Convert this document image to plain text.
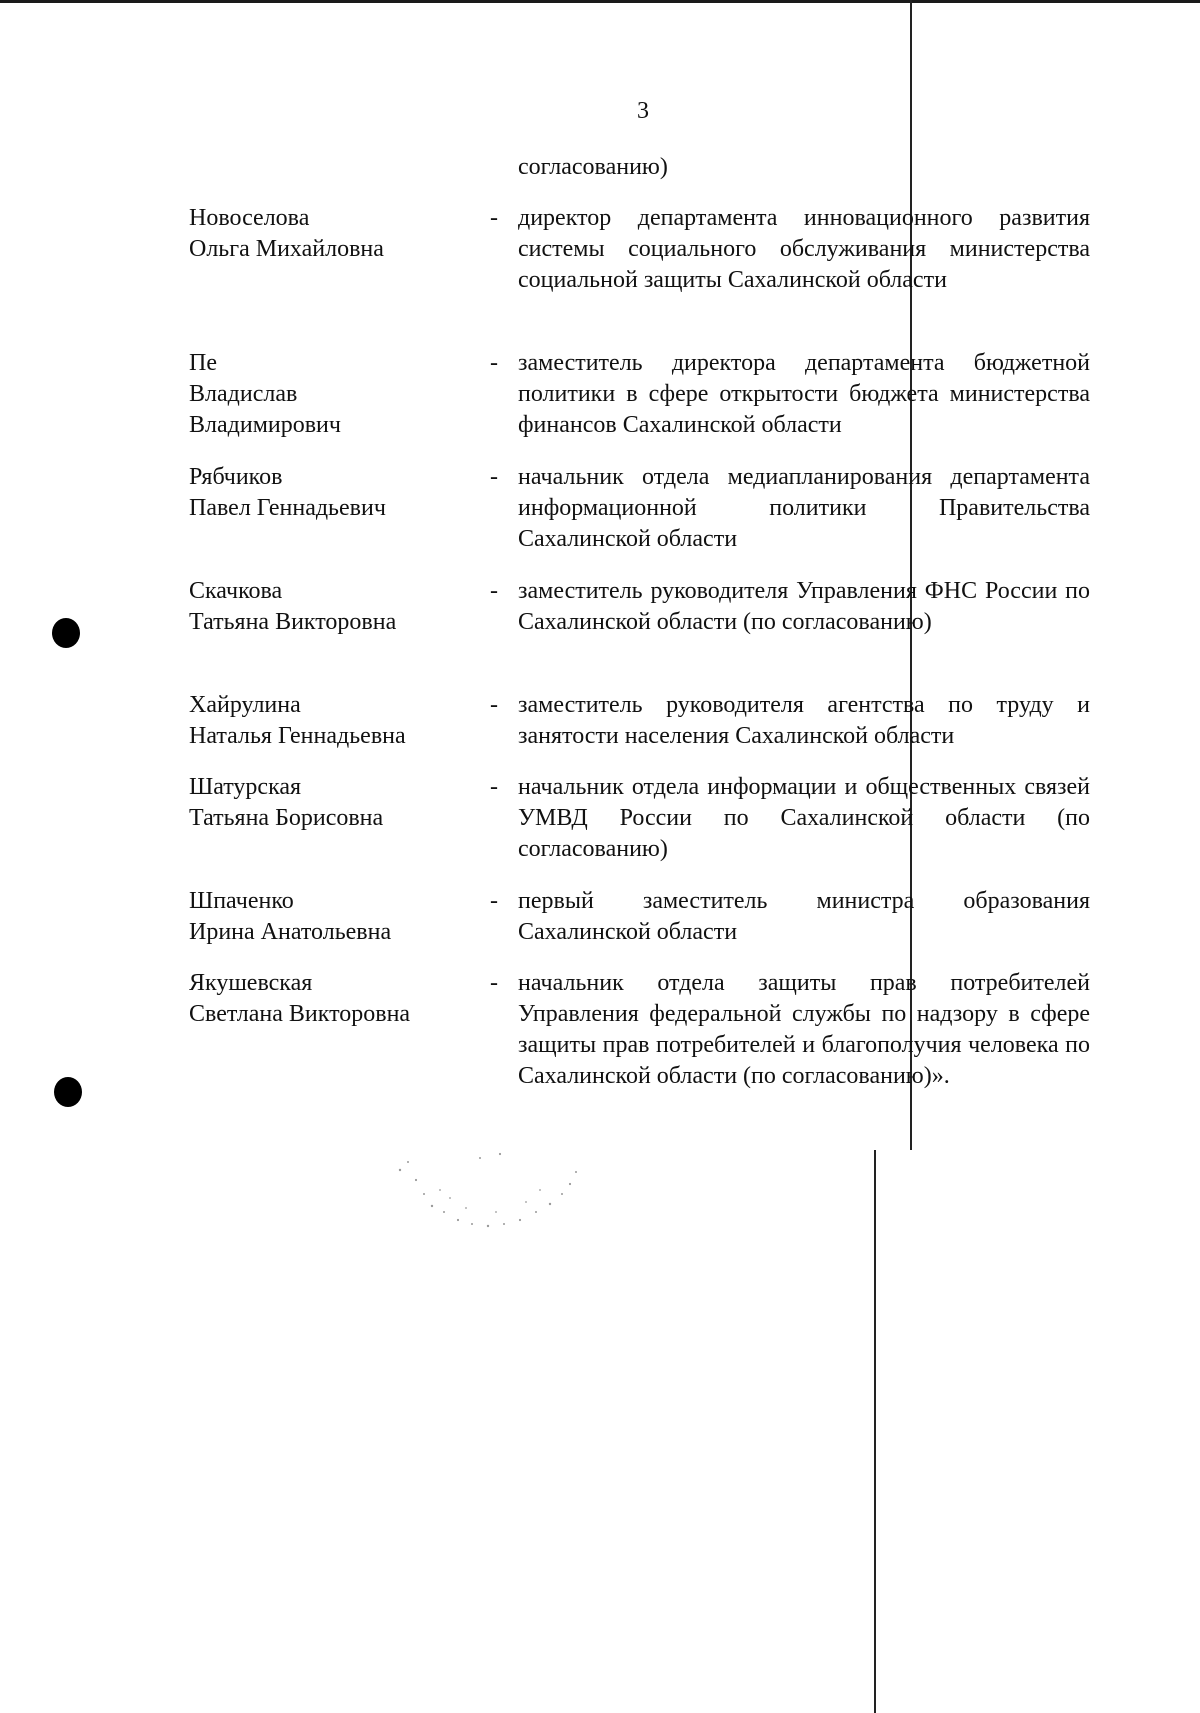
3
согласованию)
Новоселова
Ольга Михайловна
- директор департамента инновационного развития системы социального обслуживания министерства социальной защиты Сахалинской области
Пе
Владислав
Владимирович
- заместитель директора департамента бюджетной политики в сфере открытости бюджета министерства финансов Сахалинской области
Рябчиков
Павел Геннадьевич
- начальник отдела медиапланирования департамента информационной политики Правительства Сахалинской области
Скачкова
Татьяна Викторовна
- заместитель руководителя Управления ФНС России по Сахалинской области (по согласованию)
Хайрулина
Наталья Геннадьевна
- заместитель руководителя агентства по труду и занятости населения Сахалинской области
Шатурская
Татьяна Борисовна
- начальник отдела информации и общественных связей УМВД России по Сахалинской области (по согласованию)
Шпаченко
Ирина Анатольевна
- первый заместитель министра образования Сахалинской области
Якушевская
Светлана Викторовна
- начальник отдела защиты прав потребителей Управления федеральной службы по надзору в сфере защиты прав потребителей и благополучия человека по Сахалинской области (по согласованию)».
